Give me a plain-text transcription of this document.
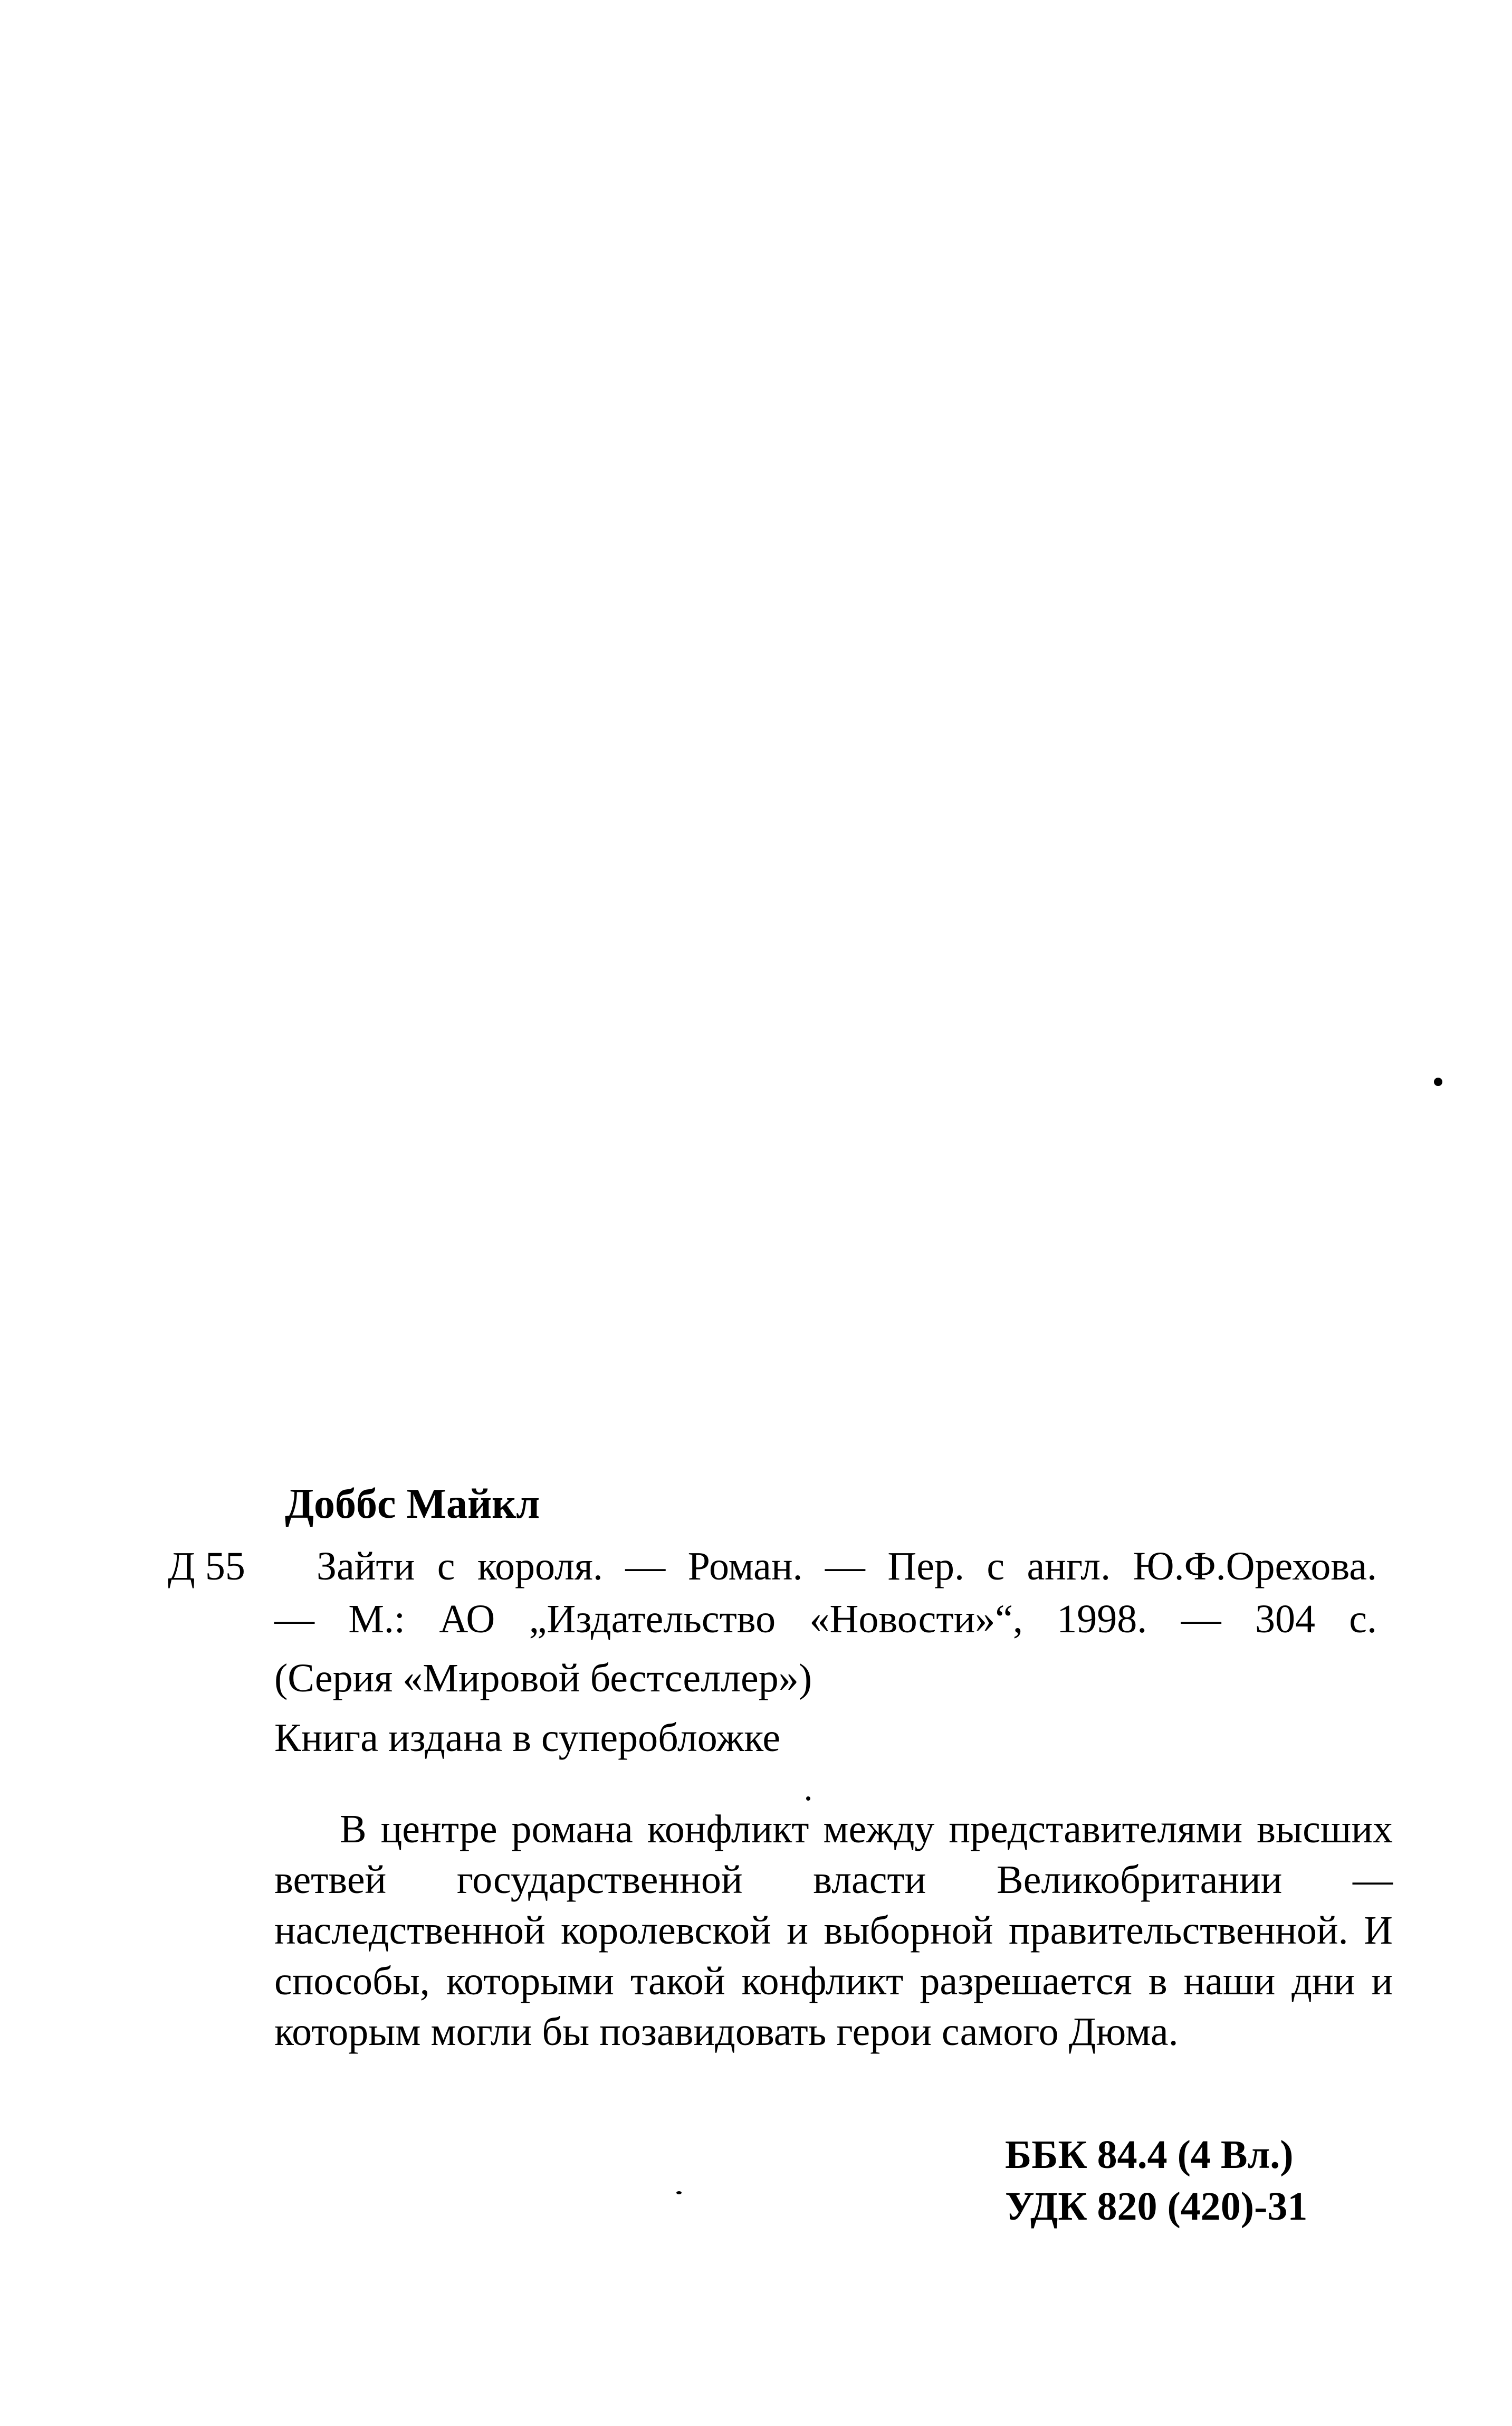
Доббс Майкл
Д 55 Зайти с короля. — Роман. — Пер. с англ. Ю.Ф.Орехова.
— М.: АО „Издательство «Новости»“, 1998. — 304 с.
(Серия «Мировой бестселлер»)
Книга издана в суперобложке

В центре романа конфликт между представителями высших ветвей государственной власти Великобритании — наследственной королевской и выборной правительственной. И способы, которыми такой конфликт разрешается в наши дни и которым могли бы позавидовать герои самого Дюма.

ББК 84.4 (4 Вл.)
УДК 820 (420)-31
